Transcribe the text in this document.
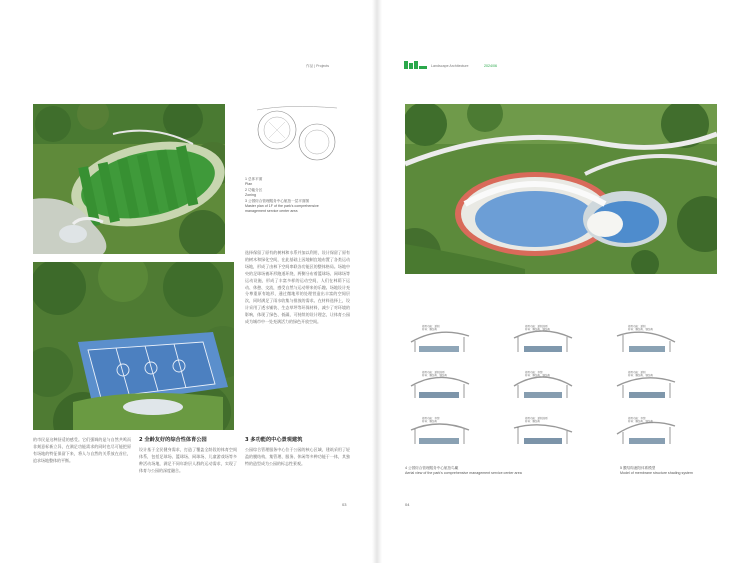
作品 | Projects
1 总体平面
Plan
2 功能分区
Zoning
3 公园综合管理服务中心航拍一层平面图
Master plan of 1F of the park's comprehensive
management service center area
选择保留了原有的树林和水系并加以利用，设计保留了原有的树木和绿化空间，在此基础上因地制宜地布置了各类运动场地，形成了由林下空间串联各功能区的整体格局。场地中央的足球场被环形跑道环绕，两侧分布着篮球场、网球场等运动设施，形成了丰富多样的运动空间，人们在林荫下运动、休憩、交流，感受自然与运动带来的乐趣。场地设计充分尊重原有地形，通过微地形的处理营造出丰富的空间层次，同时满足了雨水收集与排放的需求。在材料选择上，设计采用了透水铺装、生态草坪等环保材料，减少了对环境的影响，体现了绿色、低碳、可持续的设计理念，让体育公园成为城市中一处充满活力的绿色开放空间。
的市民是这种舒适的感受。它们强调的是与自然共鸣而非刻意标新立异，在满足功能需求的同时也尽可能把原有场地的特征保留下来，将人与自然的关系放在首位，追求场地整体的平衡。
2 全龄友好的综合性体育公园
设计基于全民健身需求，打造了覆盖全龄段的体育空间体系，包括足球场、篮球场、网球场、儿童游戏场等多种活动场地，满足不同年龄层人群的运动需求，实现了体育与公园的深度融合。
3 多功能的中心景观建筑
公园综合管理服务中心位于公园的核心区域，建筑采用了轻盈的膜结构，集管理、服务、休闲等多种功能于一体，其独特的造型成为公园的标志性景观。
03
Landscape Architecture	2024/06
使用功能：遮阳
材料：膜结构
使用功能：遮阳挡雨
材料：膜结构、钢结构
使用功能：遮阳
材料：膜结构、钢结构
使用功能：遮阳挡雨
材料：膜结构、钢结构
使用功能：休憩
材料：膜结构、钢结构
使用功能：遮阳
材料：膜结构、钢结构
使用功能：休憩
材料：膜结构
使用功能：遮阳挡雨
材料：膜结构
使用功能：休憩
材料：膜结构、钢结构
4 公园综合管理服务中心航拍鸟瞰
Aerial view of the park's comprehensive management service center area
5 膜结构遮阳体系模型
Model of membrane structure shading system
04
